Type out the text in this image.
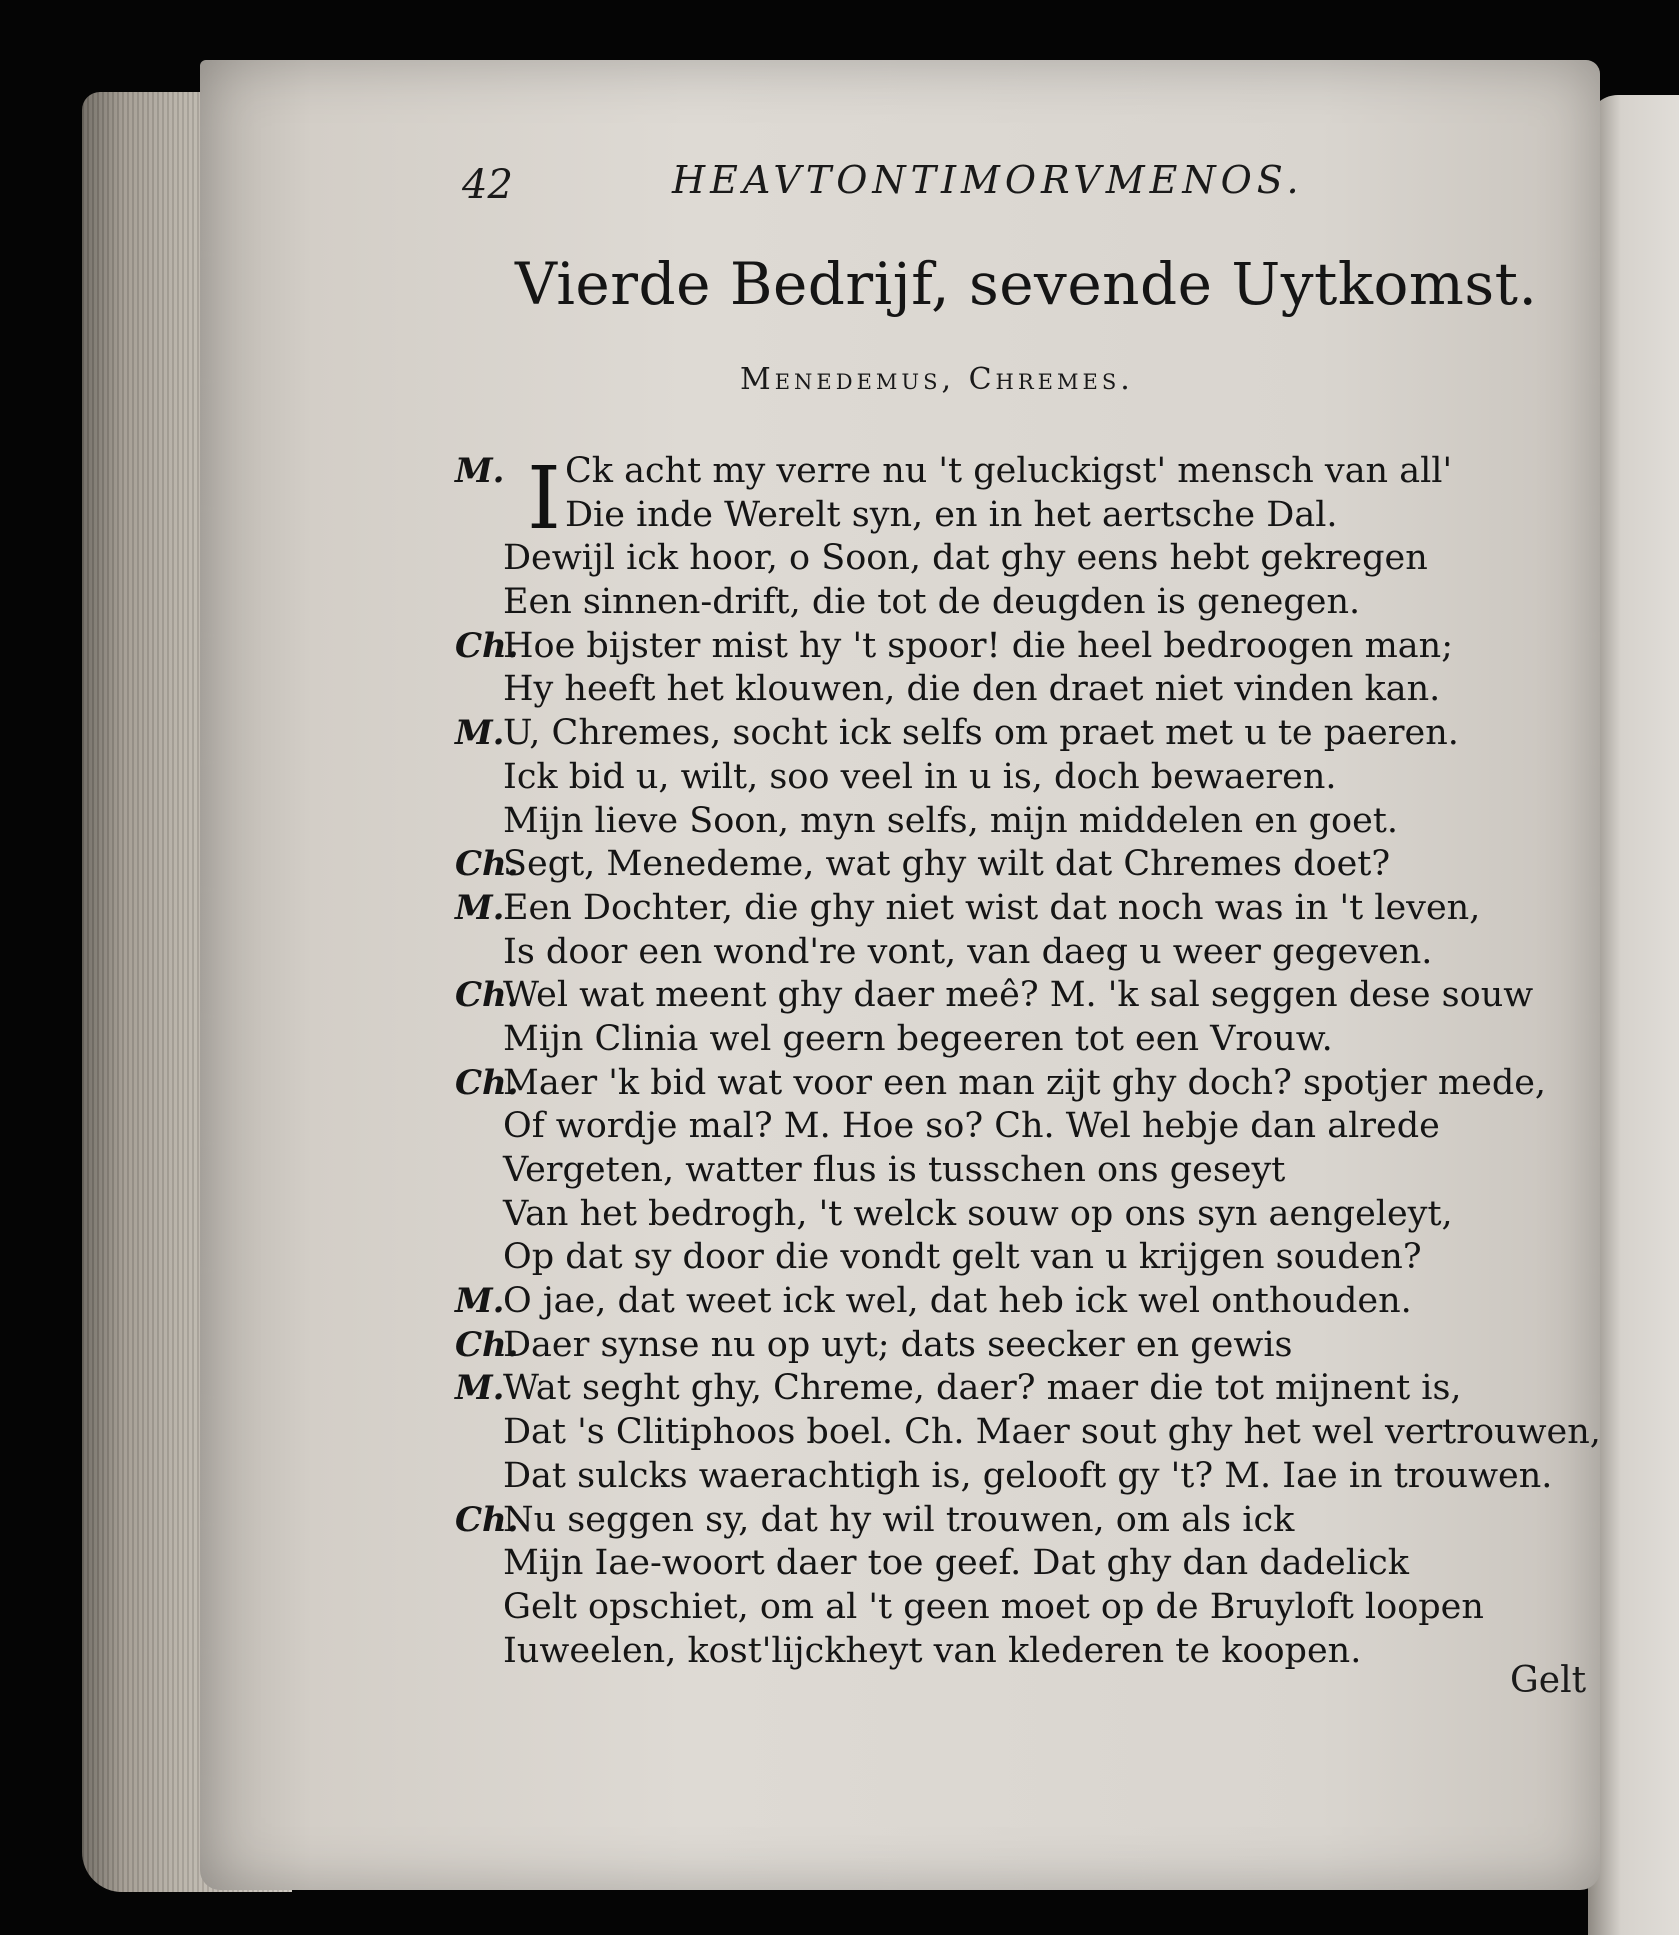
42	HEAVTONTIMORVMENOS.
Vierde Bedrijf, sevende Uytkomst.
Menedemus, Chremes.
M. I Ck acht my verre nu 't geluckigst' mensch van all'
Die inde Werelt syn, en in het aertsche Dal.
Dewijl ick hoor, o Soon, dat ghy eens hebt gekregen
Een sinnen-drift, die tot de deugden is genegen.
Ch.
Hoe bijster mist hy 't spoor! die heel bedroogen man;
Hy heeft het klouwen, die den draet niet vinden kan.
M.
U, Chremes, socht ick selfs om praet met u te paeren.
Ick bid u, wilt, soo veel in u is, doch bewaeren.
Mijn lieve Soon, myn selfs, mijn middelen en goet.
Ch.
Segt, Menedeme, wat ghy wilt dat Chremes doet?
M.
Een Dochter, die ghy niet wist dat noch was in 't leven,
Is door een wond're vont, van daeg u weer gegeven.
Ch.
Wel wat meent ghy daer meê? M. 'k sal seggen dese souw
Mijn Clinia wel geern begeeren tot een Vrouw.
Ch.
Maer 'k bid wat voor een man zijt ghy doch? spotjer mede,
Of wordje mal? M. Hoe so? Ch. Wel hebje dan alrede
Vergeten, watter flus is tusschen ons geseyt
Van het bedrogh, 't welck souw op ons syn aengeleyt,
Op dat sy door die vondt gelt van u krijgen souden?
M.
O jae, dat weet ick wel, dat heb ick wel onthouden.
Ch.
Daer synse nu op uyt; dats seecker en gewis
M.
Wat seght ghy, Chreme, daer? maer die tot mijnent is,
Dat 's Clitiphoos boel. Ch. Maer sout ghy het wel vertrouwen,
Dat sulcks waerachtigh is, gelooft gy 't? M. Iae in trouwen.
Ch.
Nu seggen sy, dat hy wil trouwen, om als ick
Mijn Iae-woort daer toe geef. Dat ghy dan dadelick
Gelt opschiet, om al 't geen moet op de Bruyloft loopen
Iuweelen, kost'lijckheyt van klederen te koopen.
Gelt
